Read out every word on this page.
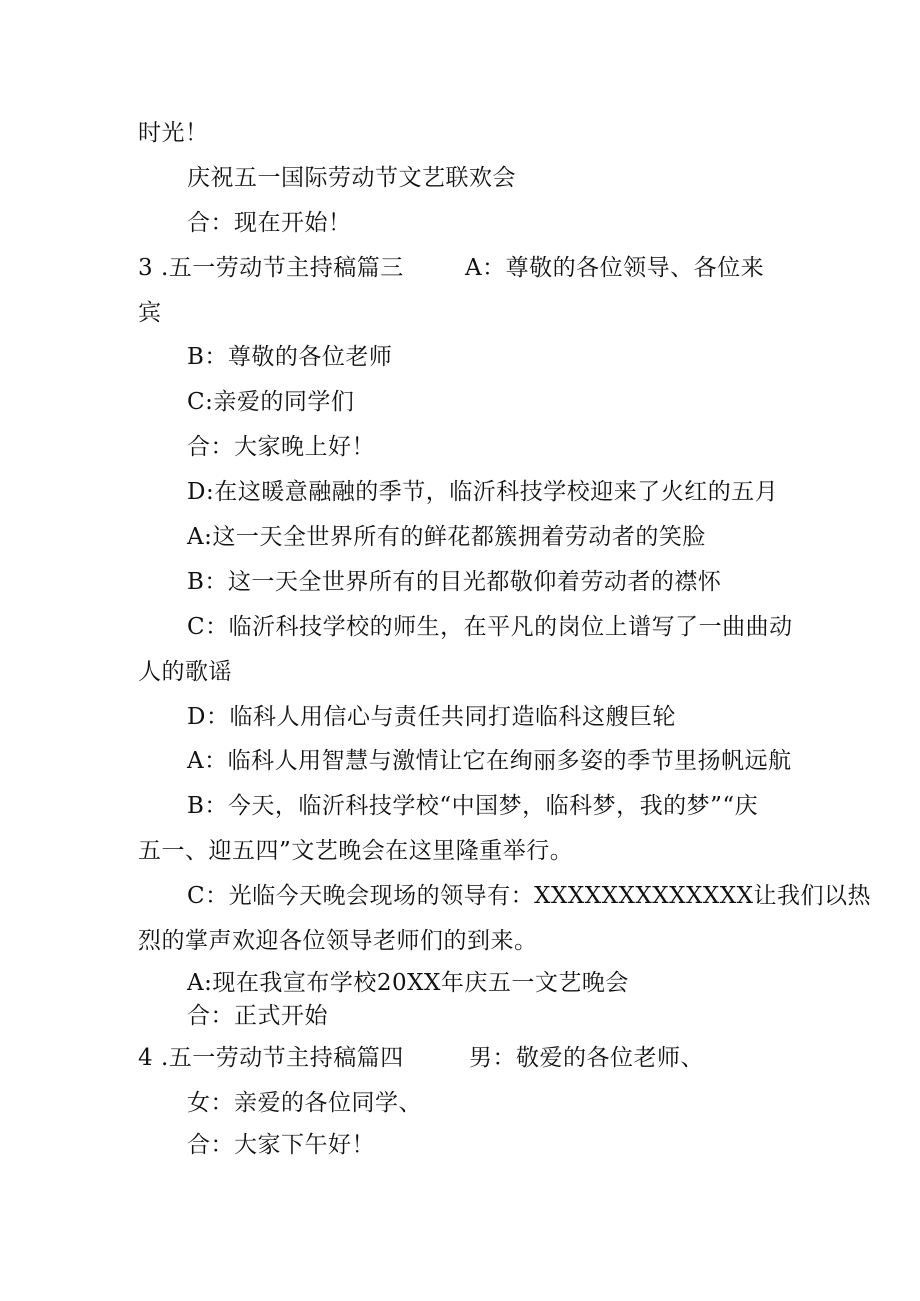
时光！
庆祝五一国际劳动节文艺联欢会
合：现在开始！
3 .五一劳动节主持稿篇三	A：尊敬的各位领导、各位来
宾
B：尊敬的各位老师
C:亲爱的同学们
合：大家晚上好！
D:在这暖意融融的季节，临沂科技学校迎来了火红的五月
A:这一天全世界所有的鲜花都簇拥着劳动者的笑脸
B：这一天全世界所有的目光都敬仰着劳动者的襟怀
C：临沂科技学校的师生，在平凡的岗位上谱写了一曲曲动
人的歌谣
D：临科人用信心与责任共同打造临科这艘巨轮
A：临科人用智慧与激情让它在绚丽多姿的季节里扬帆远航
B：今天，临沂科技学校“中国梦，临科梦，我的梦”“庆
五一、迎五四”文艺晚会在这里隆重举行。
C：光临今天晚会现场的领导有：XXXXXXXXXXXXX让我们以热
烈的掌声欢迎各位领导老师们的到来。
A:现在我宣布学校20XX年庆五一文艺晚会
合：正式开始
4 .五一劳动节主持稿篇四	男：敬爱的各位老师、
女：亲爱的各位同学、
合：大家下午好！
